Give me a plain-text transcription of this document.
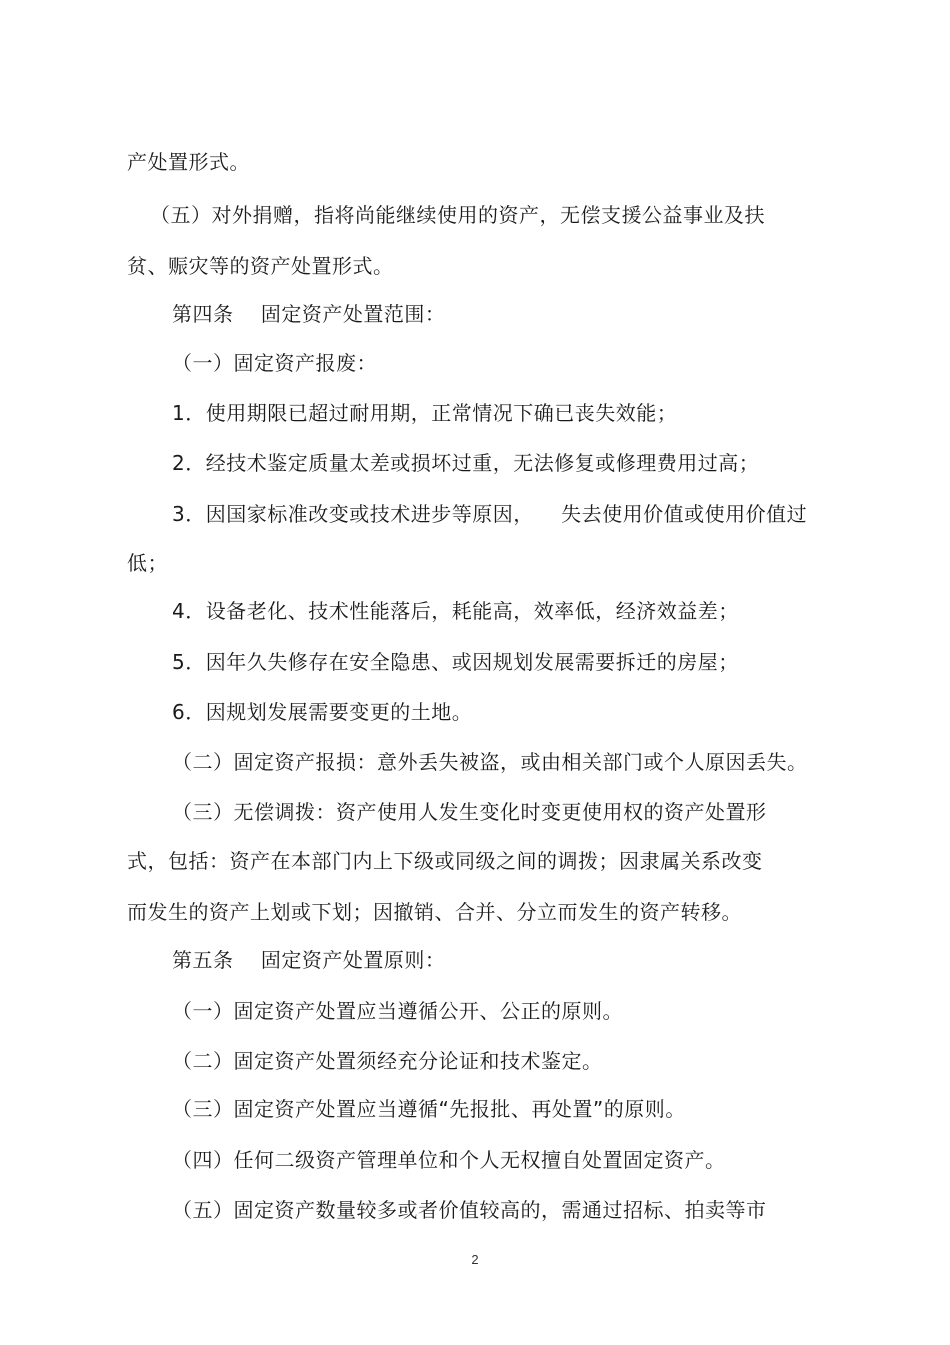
产处置形式。
（五）对外捐赠，指将尚能继续使用的资产，无偿支援公益事业及扶
贫、赈灾等的资产处置形式。
第四条    固定资产处置范围：
（一）固定资产报废：
1．使用期限已超过耐用期，正常情况下确已丧失效能；
2．经技术鉴定质量太差或损坏过重，无法修复或修理费用过高；
3．因国家标准改变或技术进步等原因，    失去使用价值或使用价值过
低；
4．设备老化、技术性能落后，耗能高，效率低，经济效益差；
5．因年久失修存在安全隐患、或因规划发展需要拆迁的房屋；
6．因规划发展需要变更的土地。
（二）固定资产报损：意外丢失被盗，或由相关部门或个人原因丢失。
（三）无偿调拨：资产使用人发生变化时变更使用权的资产处置形
式，包括：资产在本部门内上下级或同级之间的调拨；因隶属关系改变
而发生的资产上划或下划；因撤销、合并、分立而发生的资产转移。
第五条    固定资产处置原则：
（一）固定资产处置应当遵循公开、公正的原则。
（二）固定资产处置须经充分论证和技术鉴定。
（三）固定资产处置应当遵循“先报批、再处置”的原则。
（四）任何二级资产管理单位和个人无权擅自处置固定资产。
（五）固定资产数量较多或者价值较高的，需通过招标、拍卖等市
2
